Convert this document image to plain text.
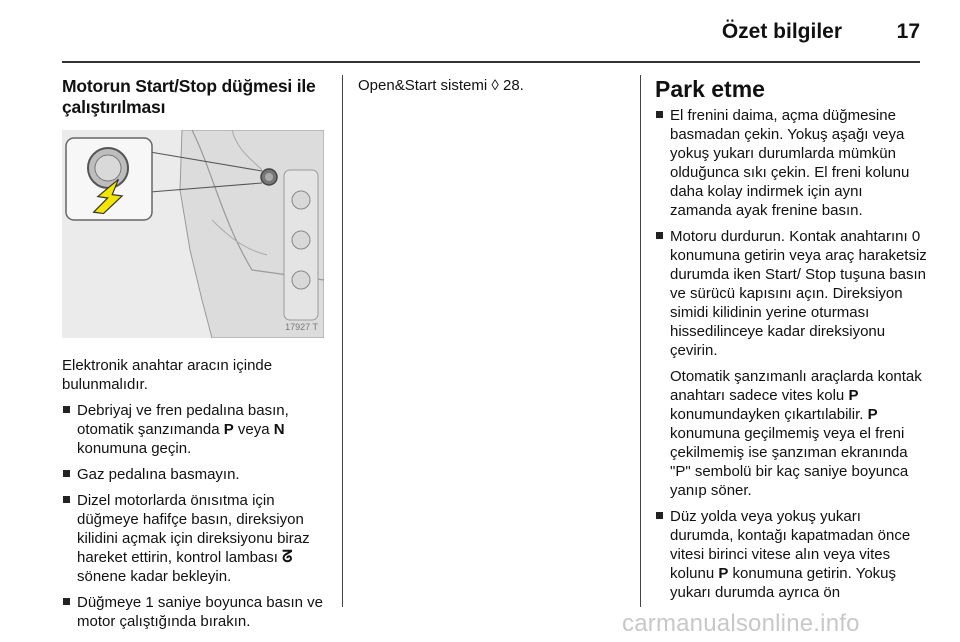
Özet bilgiler	17
Motorun Start/Stop düğmesi ile çalıştırılması
17927 T

Elektronik anahtar aracın içinde bulunmalıdır.

Debriyaj ve fren pedalına basın, otomatik şanzımanda P veya N konumuna geçin.
Gaz pedalına basmayın.
Dizel motorlarda önısıtma için düğmeye hafifçe basın, direksiyon kilidini açmak için direksiyonu biraz hareket ettirin, kontrol lambası ᘔ sönene kadar bekleyin.
Düğmeye 1 saniye boyunca basın ve motor çalıştığında bırakın.

Open&Start sistemi ◊ 28.	Park etme
El frenini daima, açma düğmesine basmadan çekin. Yokuş aşağı veya yokuş yukarı durumlarda mümkün olduğunca sıkı çekin. El freni kolunu daha kolay indirmek için aynı zamanda ayak frenine basın.
Motoru durdurun. Kontak anahtarını 0 konumuna getirin veya araç haraketsiz durumda iken Start/ Stop tuşuna basın ve sürücü kapısını açın. Direksiyon simidi kilidinin yerine oturması hissedilinceye kadar direksiyonu çevirin.

Otomatik şanzımanlı araçlarda kontak anahtarı sadece vites kolu P konumundayken çıkartılabilir. P konumuna geçilmemiş veya el freni çekilmemiş ise şanzıman ekranında "P" sembolü bir kaç saniye boyunca yanıp söner.

Düz yolda veya yokuş yukarı durumda, kontağı kapatmadan önce vitesi birinci vitese alın veya vites kolunu P konumuna getirin. Yokuş yukarı durumda ayrıca ön
carmanualsonline.info
